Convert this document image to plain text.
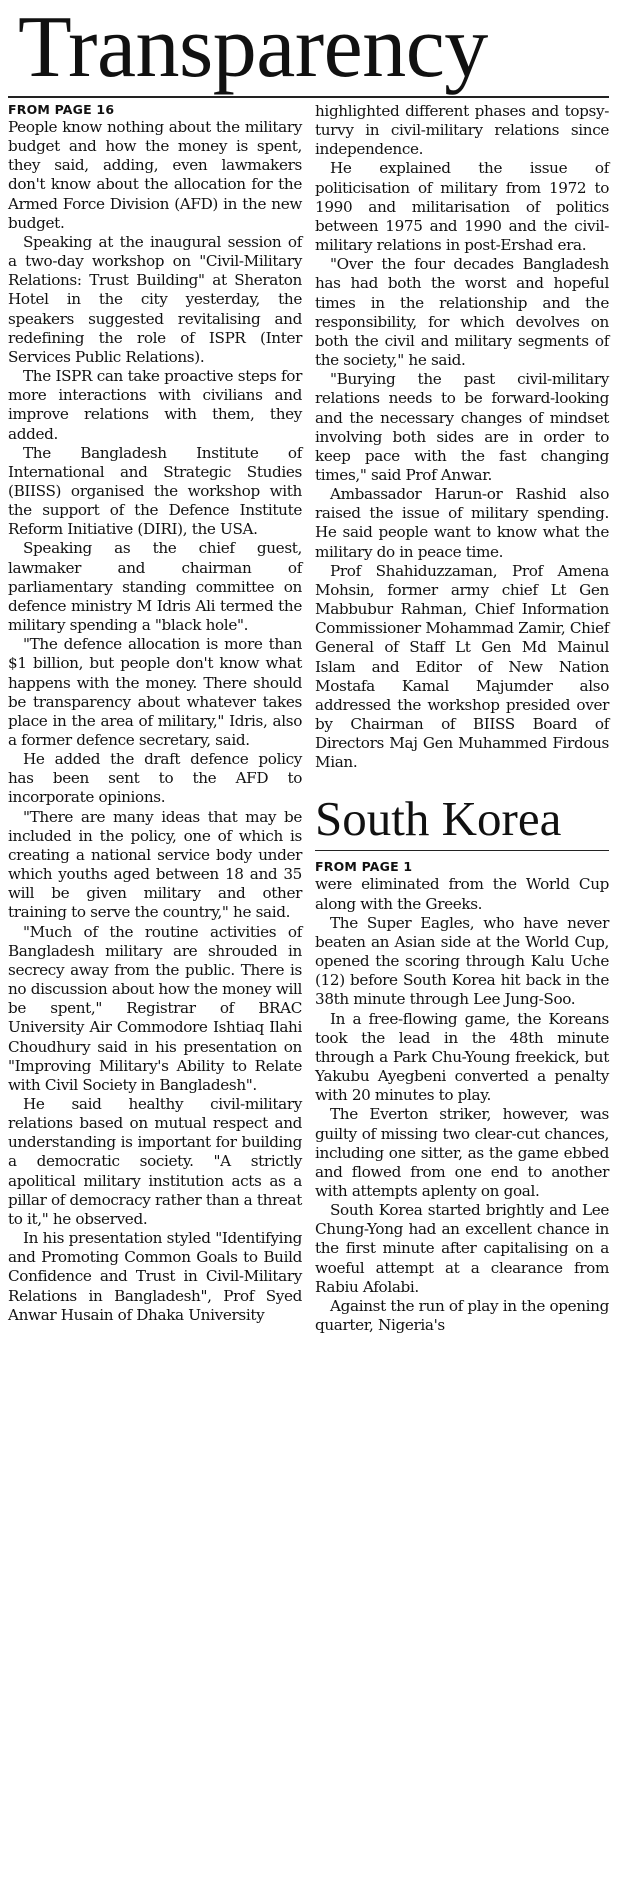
Transparency
FROM PAGE 16

People know nothing about the military budget and how the money is spent, they said, adding, even lawmakers don't know about the allocation for the Armed Force Division (AFD) in the new budget.

Speaking at the inaugural session of a two-day workshop on "Civil-Military Relations: Trust Building" at Sheraton Hotel in the city yesterday, the speakers suggested revitalising and redefining the role of ISPR (Inter Services Public Relations).

The ISPR can take proactive steps for more interactions with civilians and improve relations with them, they added.

The Bangladesh Institute of International and Strategic Studies (BIISS) organised the workshop with the support of the Defence Institute Reform Initiative (DIRI), the USA.

Speaking as the chief guest, lawmaker and chairman of parliamentary standing committee on defence ministry M Idris Ali termed the military spending a "black hole".

"The defence allocation is more than $1 billion, but people don't know what happens with the money. There should be transparency about whatever takes place in the area of military," Idris, also a former defence secretary, said.

He added the draft defence policy has been sent to the AFD to incorporate opinions.

"There are many ideas that may be included in the policy, one of which is creating a national service body under which youths aged between 18 and 35 will be given military and other training to serve the country," he said.

"Much of the routine activities of Bangladesh military are shrouded in secrecy away from the public. There is no discussion about how the money will be spent," Registrar of BRAC University Air Commodore Ishtiaq Ilahi Choudhury said in his presentation on "Improving Military's Ability to Relate with Civil Society in Bangladesh".

He said healthy civil-military relations based on mutual respect and understanding is important for building a democratic society. "A strictly apolitical military institution acts as a pillar of democracy rather than a threat to it," he observed.

In his presentation styled "Identifying and Promoting Common Goals to Build Confidence and Trust in Civil-Military Relations in Bangladesh", Prof Syed Anwar Husain of Dhaka University

highlighted different phases and topsy-turvy in civil-military relations since independence.

He explained the issue of politicisation of military from 1972 to 1990 and militarisation of politics between 1975 and 1990 and the civil-military relations in post-Ershad era.

"Over the four decades Bangladesh has had both the worst and hopeful times in the relationship and the responsibility, for which devolves on both the civil and military segments of the society," he said.

"Burying the past civil-military relations needs to be forward-looking and the necessary changes of mindset involving both sides are in order to keep pace with the fast changing times," said Prof Anwar.

Ambassador Harun-or Rashid also raised the issue of military spending. He said people want to know what the military do in peace time.

Prof Shahiduzzaman, Prof Amena Mohsin, former army chief Lt Gen Mabbubur Rahman, Chief Information Commissioner Mohammad Zamir, Chief General of Staff Lt Gen Md Mainul Islam and Editor of New Nation Mostafa Kamal Majumder also addressed the workshop presided over by Chairman of BIISS Board of Directors Maj Gen Muhammed Firdous Mian.

South Korea
FROM PAGE 1

were eliminated from the World Cup along with the Greeks.

The Super Eagles, who have never beaten an Asian side at the World Cup, opened the scoring through Kalu Uche (12) before South Korea hit back in the 38th minute through Lee Jung-Soo.

In a free-flowing game, the Koreans took the lead in the 48th minute through a Park Chu-Young freekick, but Yakubu Ayegbeni converted a penalty with 20 minutes to play.

The Everton striker, however, was guilty of missing two clear-cut chances, including one sitter, as the game ebbed and flowed from one end to another with attempts aplenty on goal.

South Korea started brightly and Lee Chung-Yong had an excellent chance in the first minute after capitalising on a woeful attempt at a clearance from Rabiu Afolabi.

Against the run of play in the opening quarter, Nigeria's
